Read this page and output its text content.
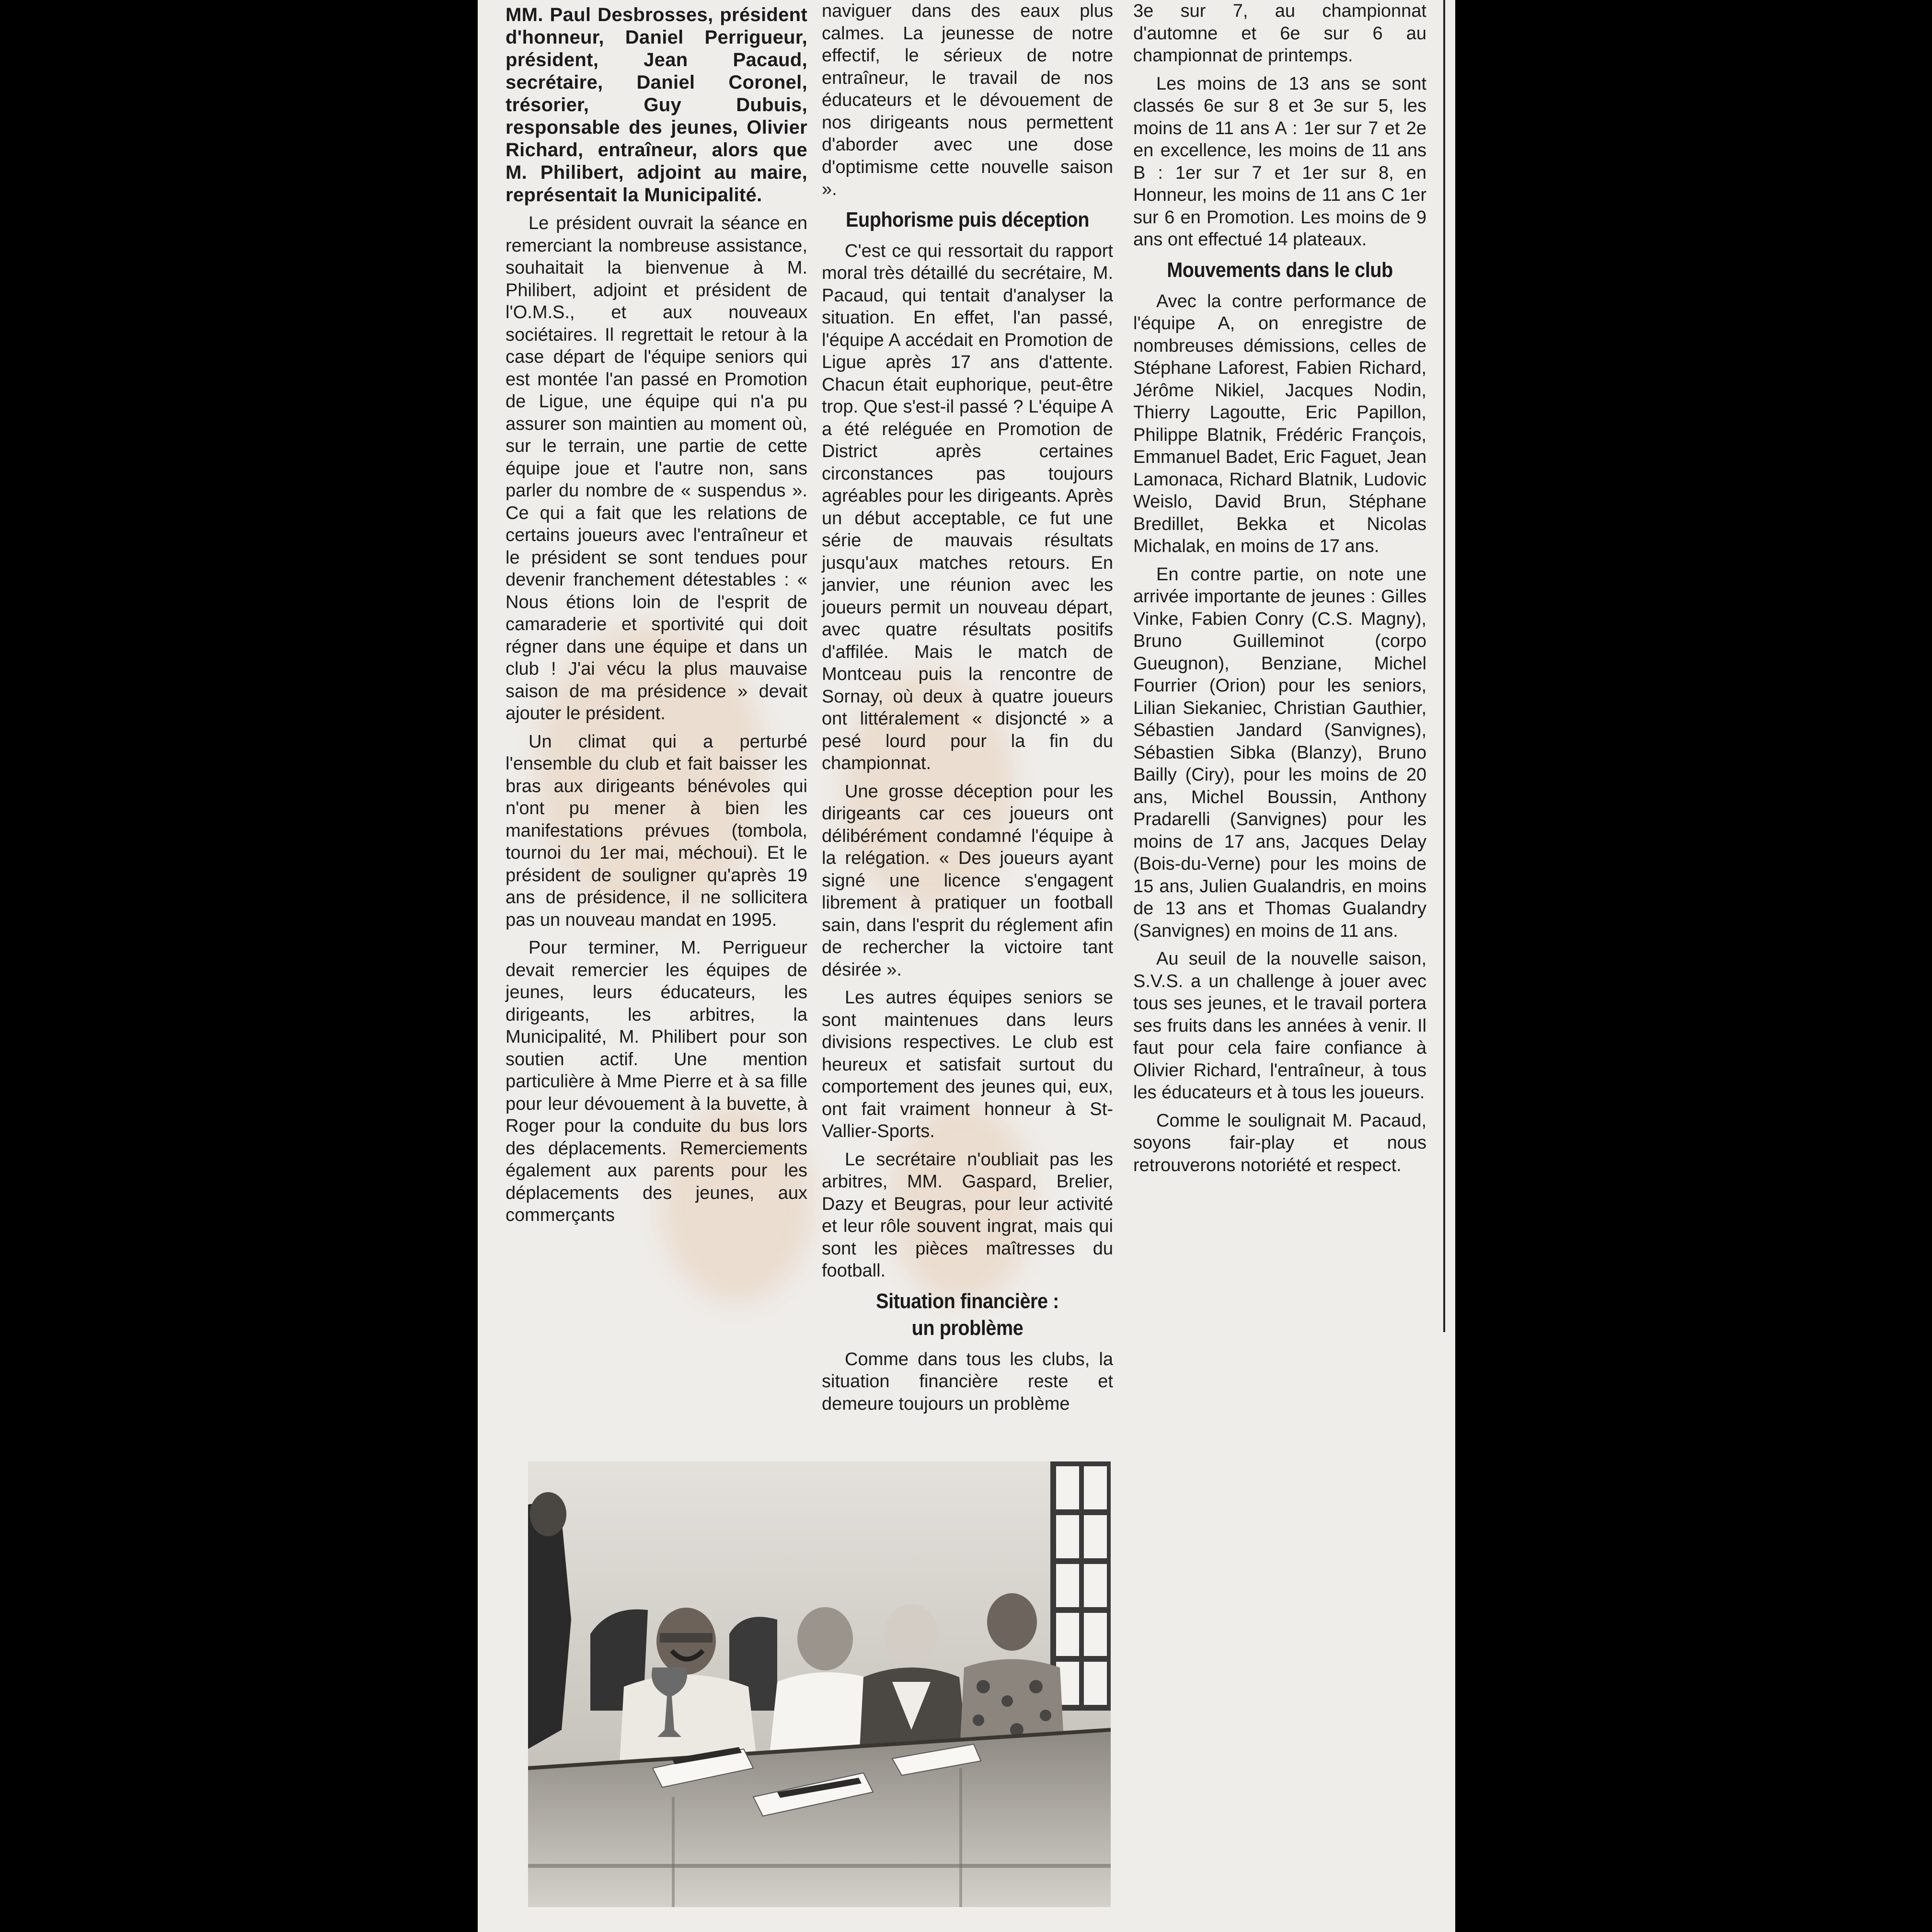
MM. Paul Desbrosses, président d'honneur, Daniel Perrigueur, président, Jean Pacaud, secrétaire, Daniel Coronel, trésorier, Guy Dubuis, responsable des jeunes, Olivier Richard, entraîneur, alors que M. Philibert, adjoint au maire, représentait la Municipalité.

Le président ouvrait la séance en remerciant la nombreuse assistance, souhaitait la bienvenue à M. Philibert, adjoint et président de l'O.M.S., et aux nouveaux sociétaires. Il regrettait le retour à la case départ de l'équipe seniors qui est montée l'an passé en Promotion de Ligue, une équipe qui n'a pu assurer son maintien au moment où, sur le terrain, une partie de cette équipe joue et l'autre non, sans parler du nombre de « suspendus ». Ce qui a fait que les relations de certains joueurs avec l'entraîneur et le président se sont tendues pour devenir franchement détestables : « Nous étions loin de l'esprit de camaraderie et sportivité qui doit régner dans une équipe et dans un club ! J'ai vécu la plus mauvaise saison de ma présidence » devait ajouter le président.

Un climat qui a perturbé l'ensemble du club et fait baisser les bras aux dirigeants bénévoles qui n'ont pu mener à bien les manifestations prévues (tombola, tournoi du 1er mai, méchoui). Et le président de souligner qu'après 19 ans de présidence, il ne sollicitera pas un nouveau mandat en 1995.

Pour terminer, M. Perrigueur devait remercier les équipes de jeunes, leurs éducateurs, les dirigeants, les arbitres, la Municipalité, M. Philibert pour son soutien actif. Une mention particulière à Mme Pierre et à sa fille pour leur dévouement à la buvette, à Roger pour la conduite du bus lors des déplacements. Remerciements également aux parents pour les déplacements des jeunes, aux commerçants

naviguer dans des eaux plus calmes. La jeunesse de notre effectif, le sérieux de notre entraîneur, le travail de nos éducateurs et le dévouement de nos dirigeants nous permettent d'aborder avec une dose d'optimisme cette nouvelle saison ».

Euphorisme puis déception

C'est ce qui ressortait du rapport moral très détaillé du secrétaire, M. Pacaud, qui tentait d'analyser la situation. En effet, l'an passé, l'équipe A accédait en Promotion de Ligue après 17 ans d'attente. Chacun était euphorique, peut-être trop. Que s'est-il passé ? L'équipe A a été reléguée en Promotion de District après certaines circonstances pas toujours agréables pour les dirigeants. Après un début acceptable, ce fut une série de mauvais résultats jusqu'aux matches retours. En janvier, une réunion avec les joueurs permit un nouveau départ, avec quatre résultats positifs d'affilée. Mais le match de Montceau puis la rencontre de Sornay, où deux à quatre joueurs ont littéralement « disjoncté » a pesé lourd pour la fin du championnat.

Une grosse déception pour les dirigeants car ces joueurs ont délibérément condamné l'équipe à la relégation. « Des joueurs ayant signé une licence s'engagent librement à pratiquer un football sain, dans l'esprit du réglement afin de rechercher la victoire tant désirée ».

Les autres équipes seniors se sont maintenues dans leurs divisions respectives. Le club est heureux et satisfait surtout du comportement des jeunes qui, eux, ont fait vraiment honneur à St-Vallier-Sports.

Le secrétaire n'oubliait pas les arbitres, MM. Gaspard, Brelier, Dazy et Beugras, pour leur activité et leur rôle souvent ingrat, mais qui sont les pièces maîtresses du football.

Situation financière :
un problème

Comme dans tous les clubs, la situation financière reste et demeure toujours un problème

3e sur 7, au championnat d'automne et 6e sur 6 au championnat de printemps.

Les moins de 13 ans se sont classés 6e sur 8 et 3e sur 5, les moins de 11 ans A : 1er sur 7 et 2e en excellence, les moins de 11 ans B : 1er sur 7 et 1er sur 8, en Honneur, les moins de 11 ans C 1er sur 6 en Promotion. Les moins de 9 ans ont effectué 14 plateaux.

Mouvements dans le club

Avec la contre performance de l'équipe A, on enregistre de nombreuses démissions, celles de Stéphane Laforest, Fabien Richard, Jérôme Nikiel, Jacques Nodin, Thierry Lagoutte, Eric Papillon, Philippe Blatnik, Frédéric François, Emmanuel Badet, Eric Faguet, Jean Lamonaca, Richard Blatnik, Ludovic Weislo, David Brun, Stéphane Bredillet, Bekka et Nicolas Michalak, en moins de 17 ans.

En contre partie, on note une arrivée importante de jeunes : Gilles Vinke, Fabien Conry (C.S. Magny), Bruno Guilleminot (corpo Gueugnon), Benziane, Michel Fourrier (Orion) pour les seniors, Lilian Siekaniec, Christian Gauthier, Sébastien Jandard (Sanvignes), Sébastien Sibka (Blanzy), Bruno Bailly (Ciry), pour les moins de 20 ans, Michel Boussin, Anthony Pradarelli (Sanvignes) pour les moins de 17 ans, Jacques Delay (Bois-du-Verne) pour les moins de 15 ans, Julien Gualandris, en moins de 13 ans et Thomas Gualandry (Sanvignes) en moins de 11 ans.

Au seuil de la nouvelle saison, S.V.S. a un challenge à jouer avec tous ses jeunes, et le travail portera ses fruits dans les années à venir. Il faut pour cela faire confiance à Olivier Richard, l'entraîneur, à tous les éducateurs et à tous les joueurs.

Comme le soulignait M. Pacaud, soyons fair-play et nous retrouverons notoriété et respect.
